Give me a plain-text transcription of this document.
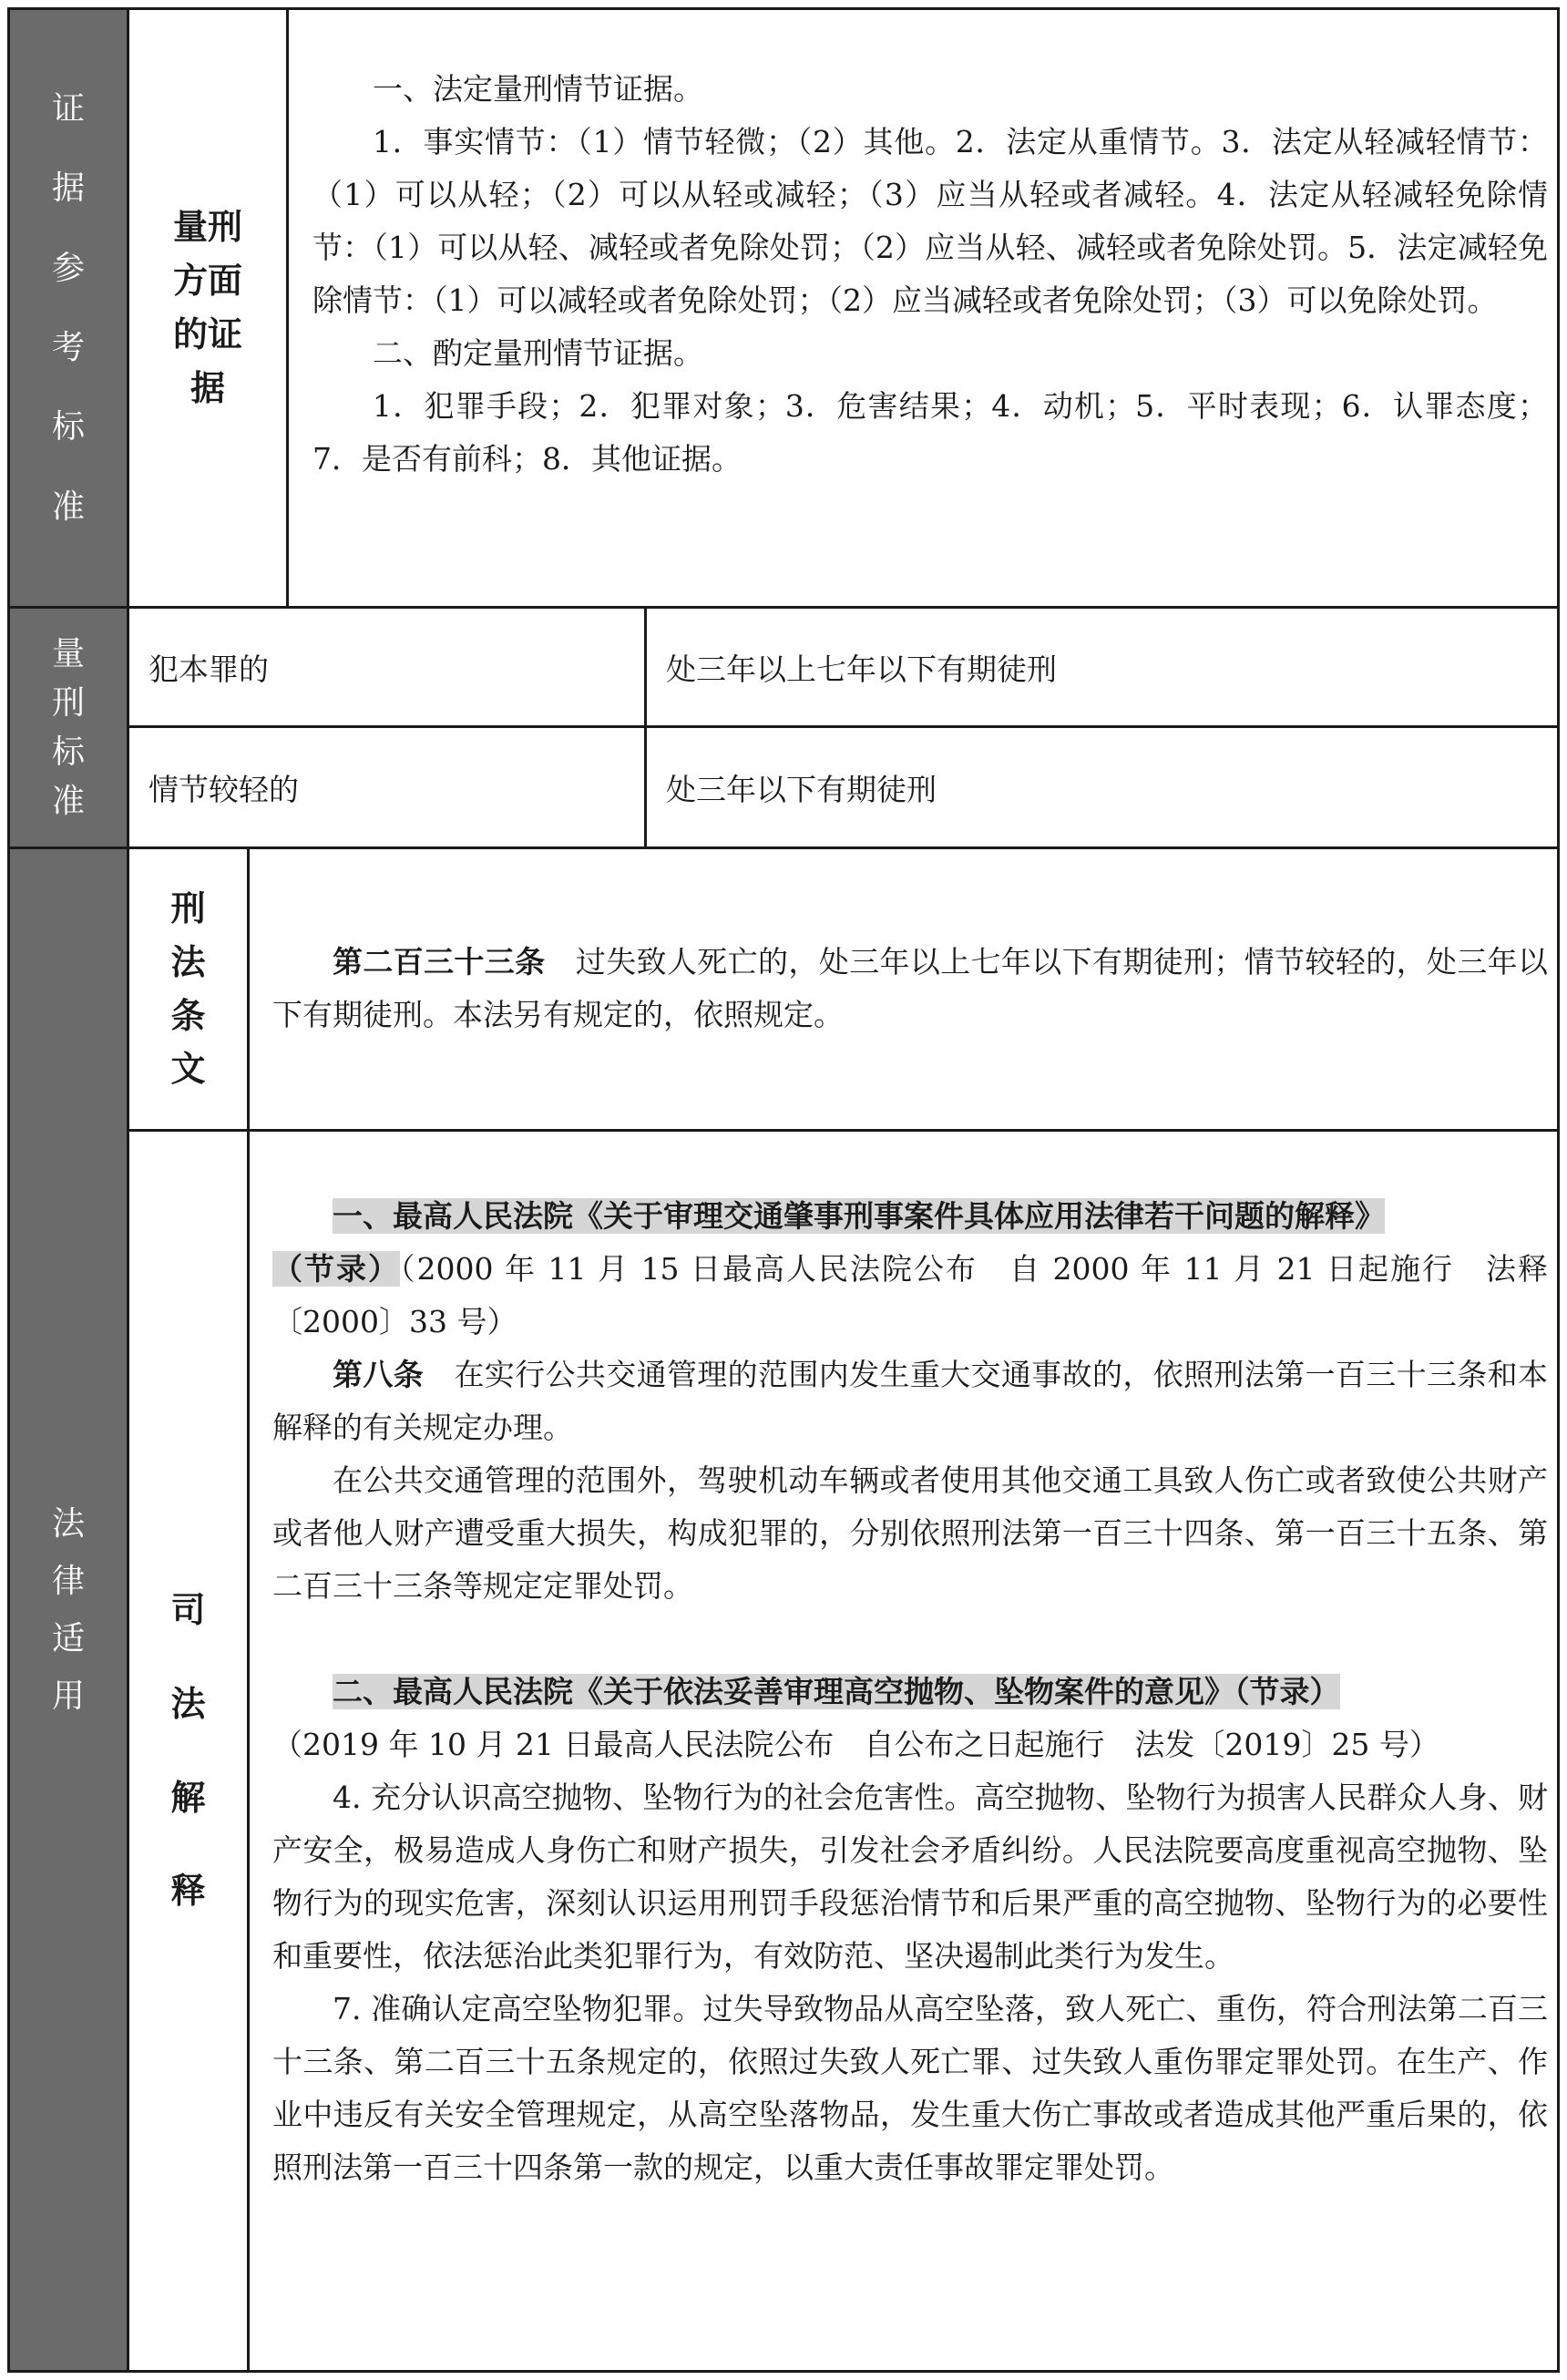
证据参考标准
量刑方面的证据

一、法定量刑情节证据。

1．事实情节：（1）情节轻微；（2）其他。2．法定从重情节。3．法定从轻减轻情节：（1）可以从轻；（2）可以从轻或减轻；（3）应当从轻或者减轻。4．法定从轻减轻免除情节：（1）可以从轻、减轻或者免除处罚；（2）应当从轻、减轻或者免除处罚。5．法定减轻免除情节：（1）可以减轻或者免除处罚；（2）应当减轻或者免除处罚；（3）可以免除处罚。

二、酌定量刑情节证据。

1．犯罪手段；2．犯罪对象；3．危害结果；4．动机；5．平时表现；6．认罪态度；7．是否有前科；8．其他证据。

量刑标准
犯本罪的	处三年以上七年以下有期徒刑
情节较轻的	处三年以下有期徒刑
法律适用
刑法条文

第二百三十三条　 过失致人死亡的，处三年以上七年以下有期徒刑；情节较轻的，处三年以下有期徒刑。本法另有规定的，依照规定。

司法解释

一、最高人民法院《关于审理交通肇事刑事案件具体应用法律若干问题的解释》

（节录）（2000 年 11 月 15 日最高人民法院公布　自 2000 年 11 月 21 日起施行　法释〔2000〕33 号）

第八条　 在实行公共交通管理的范围内发生重大交通事故的，依照刑法第一百三十三条和本解释的有关规定办理。

在公共交通管理的范围外，驾驶机动车辆或者使用其他交通工具致人伤亡或者致使公共财产或者他人财产遭受重大损失，构成犯罪的，分别依照刑法第一百三十四条、第一百三十五条、第二百三十三条等规定定罪处罚。

二、最高人民法院《关于依法妥善审理高空抛物、坠物案件的意见》（节录）

（2019 年 10 月 21 日最高人民法院公布　自公布之日起施行　法发〔2019〕25 号）

4. 充分认识高空抛物、坠物行为的社会危害性。高空抛物、坠物行为损害人民群众人身、财产安全，极易造成人身伤亡和财产损失，引发社会矛盾纠纷。人民法院要高度重视高空抛物、坠物行为的现实危害，深刻认识运用刑罚手段惩治情节和后果严重的高空抛物、坠物行为的必要性和重要性，依法惩治此类犯罪行为，有效防范、坚决遏制此类行为发生。

7. 准确认定高空坠物犯罪。过失导致物品从高空坠落，致人死亡、重伤，符合刑法第二百三十三条、第二百三十五条规定的，依照过失致人死亡罪、过失致人重伤罪定罪处罚。在生产、作业中违反有关安全管理规定，从高空坠落物品，发生重大伤亡事故或者造成其他严重后果的，依照刑法第一百三十四条第一款的规定，以重大责任事故罪定罪处罚。
